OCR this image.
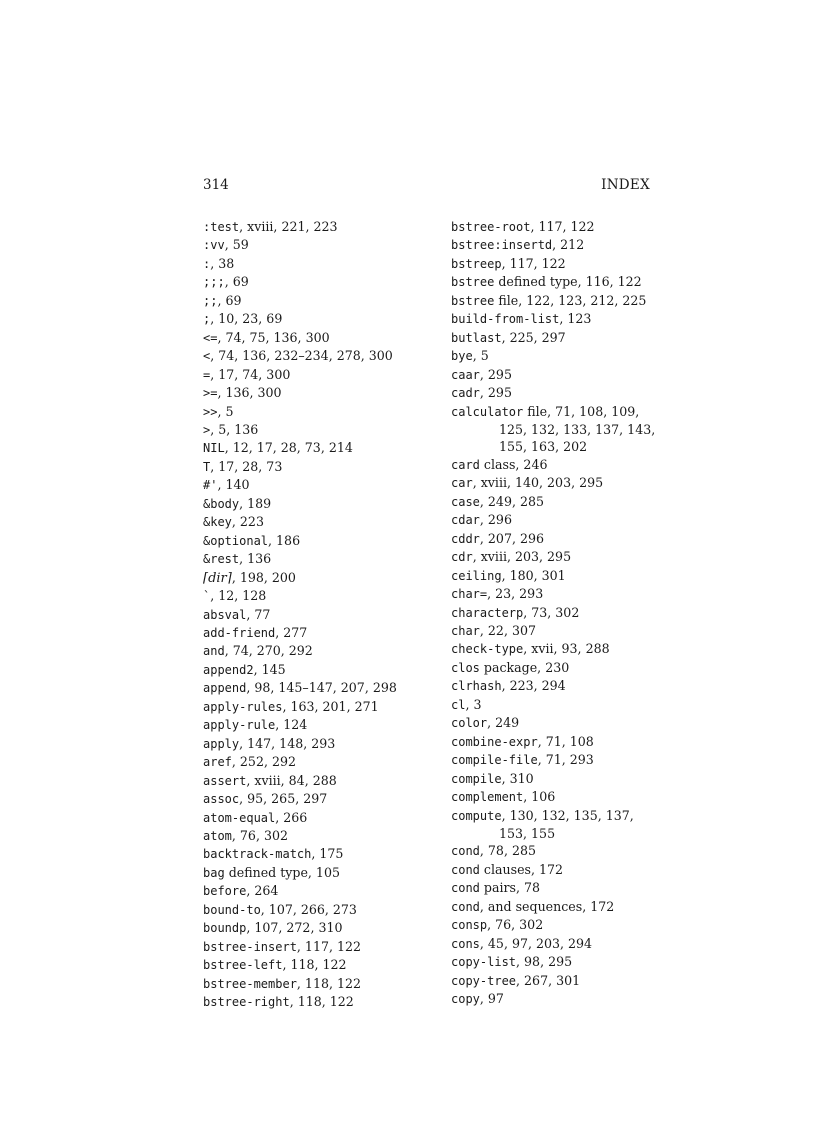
314	INDEX
:test, xviii, 221, 223
:vv, 59
:, 38
;;;, 69
;;, 69
;, 10, 23, 69
<=, 74, 75, 136, 300
<, 74, 136, 232–234, 278, 300
=, 17, 74, 300
>=, 136, 300
>>, 5
>, 5, 136
NIL, 12, 17, 28, 73, 214
T, 17, 28, 73
#', 140
&body, 189
&key, 223
&optional, 186
&rest, 136
⌈dir⌉, 198, 200
`, 12, 128
absval, 77
add-friend, 277
and, 74, 270, 292
append2, 145
append, 98, 145–147, 207, 298
apply-rules, 163, 201, 271
apply-rule, 124
apply, 147, 148, 293
aref, 252, 292
assert, xviii, 84, 288
assoc, 95, 265, 297
atom-equal, 266
atom, 76, 302
backtrack-match, 175
bag defined type, 105
before, 264
bound-to, 107, 266, 273
boundp, 107, 272, 310
bstree-insert, 117, 122
bstree-left, 118, 122
bstree-member, 118, 122
bstree-right, 118, 122
bstree-root, 117, 122
bstree:insertd, 212
bstreep, 117, 122
bstree defined type, 116, 122
bstree file, 122, 123, 212, 225
build-from-list, 123
butlast, 225, 297
bye, 5
caar, 295
cadr, 295
calculator file, 71, 108, 109, 125, 132, 133, 137, 143, 155, 163, 202
card class, 246
car, xviii, 140, 203, 295
case, 249, 285
cdar, 296
cddr, 207, 296
cdr, xviii, 203, 295
ceiling, 180, 301
char=, 23, 293
characterp, 73, 302
char, 22, 307
check-type, xvii, 93, 288
clos package, 230
clrhash, 223, 294
cl, 3
color, 249
combine-expr, 71, 108
compile-file, 71, 293
compile, 310
complement, 106
compute, 130, 132, 135, 137, 153, 155
cond, 78, 285
cond clauses, 172
cond pairs, 78
cond, and sequences, 172
consp, 76, 302
cons, 45, 97, 203, 294
copy-list, 98, 295
copy-tree, 267, 301
copy, 97
